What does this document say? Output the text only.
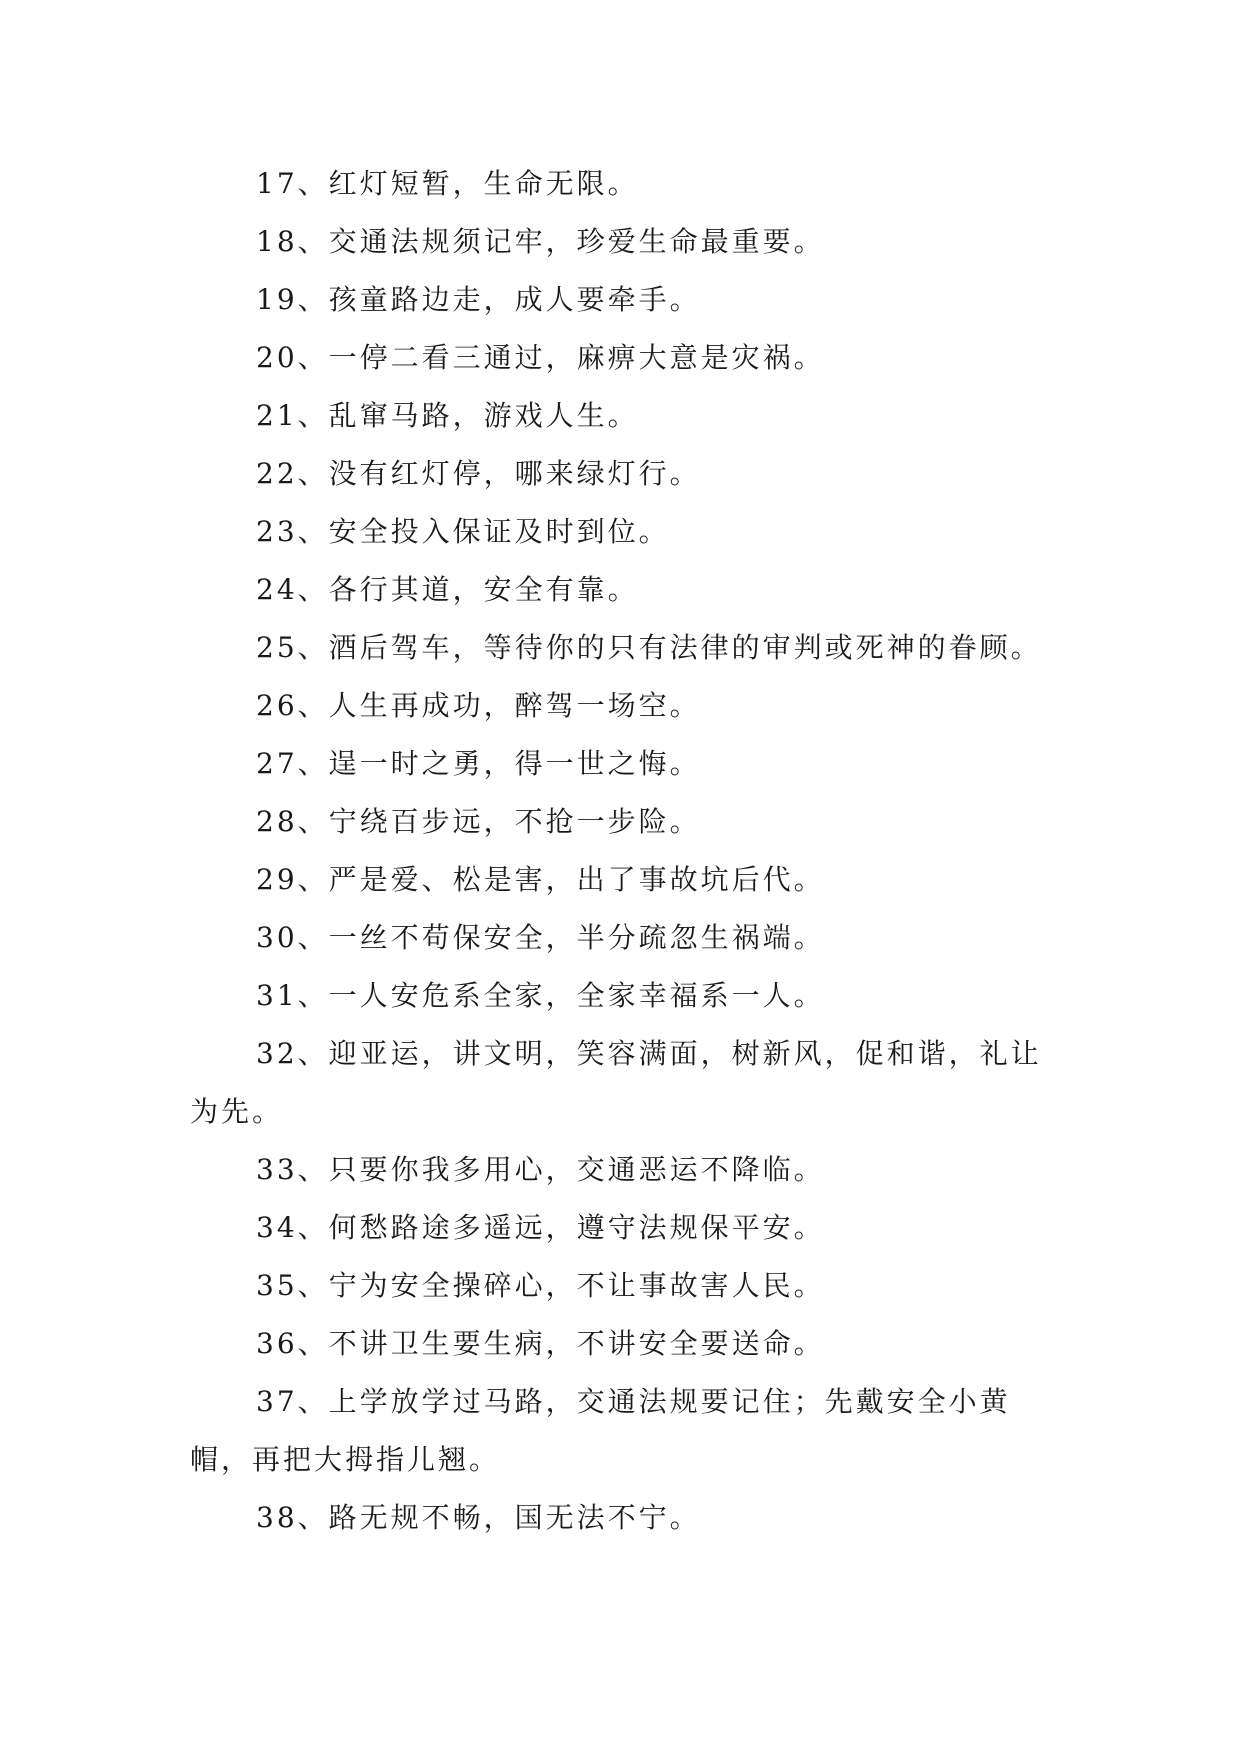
17、红灯短暂，生命无限。

18、交通法规须记牢，珍爱生命最重要。

19、孩童路边走，成人要牵手。

20、一停二看三通过，麻痹大意是灾祸。

21、乱窜马路，游戏人生。

22、没有红灯停，哪来绿灯行。

23、安全投入保证及时到位。

24、各行其道，安全有靠。

25、酒后驾车，等待你的只有法律的审判或死神的眷顾。

26、人生再成功，醉驾一场空。

27、逞一时之勇，得一世之悔。

28、宁绕百步远，不抢一步险。

29、严是爱、松是害，出了事故坑后代。

30、一丝不苟保安全，半分疏忽生祸端。

31、一人安危系全家，全家幸福系一人。

32、迎亚运，讲文明，笑容满面，树新风，促和谐，礼让为先。

33、只要你我多用心，交通恶运不降临。

34、何愁路途多遥远，遵守法规保平安。

35、宁为安全操碎心，不让事故害人民。

36、不讲卫生要生病，不讲安全要送命。

37、上学放学过马路，交通法规要记住；先戴安全小黄帽，再把大拇指儿翘。

38、路无规不畅，国无法不宁。
